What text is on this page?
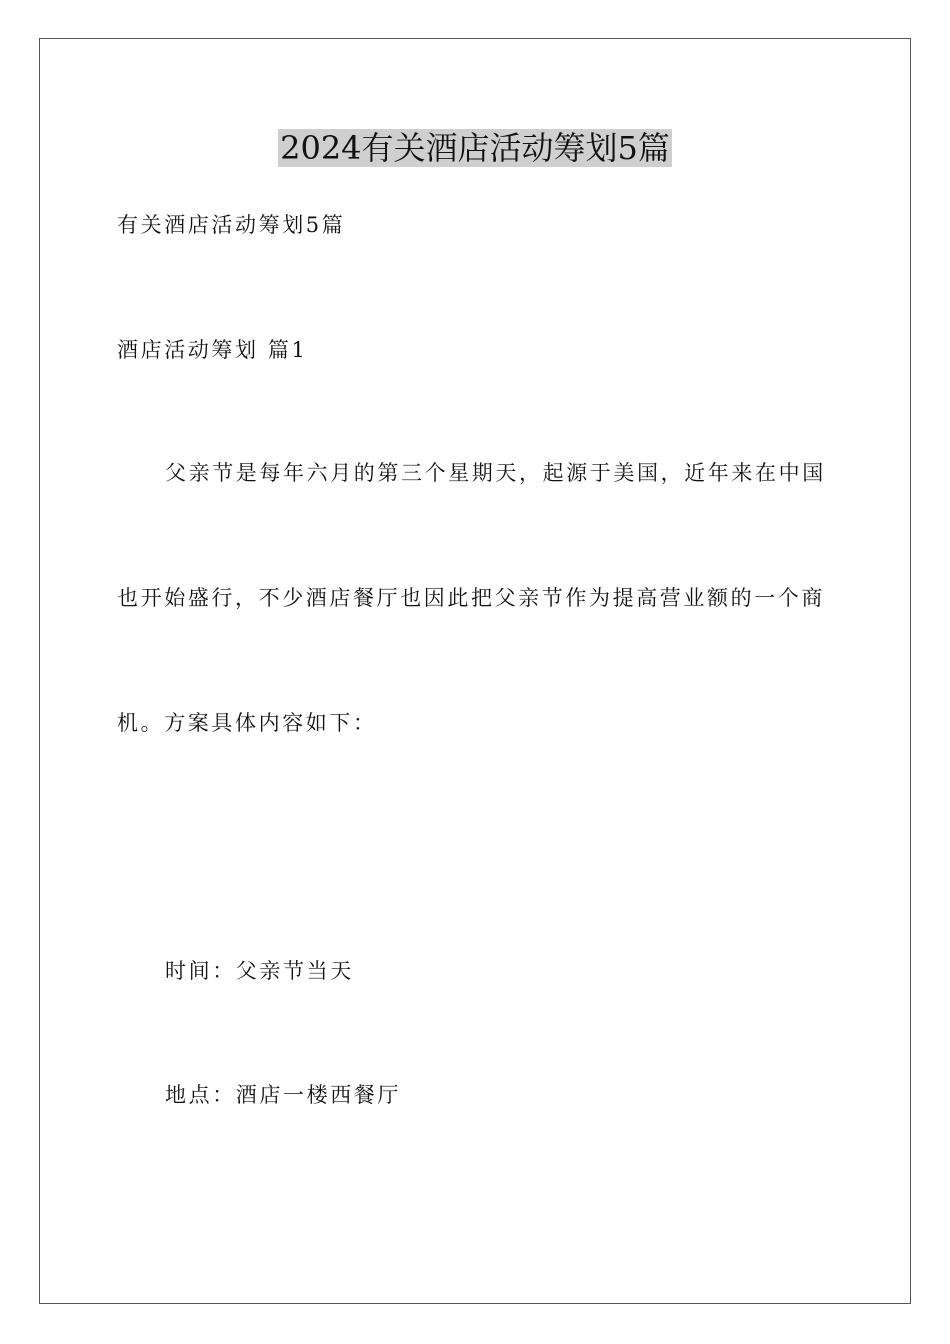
2024有关酒店活动筹划5篇
有关酒店活动筹划5篇
酒店活动筹划 篇1
父亲节是每年六月的第三个星期天，起源于美国，近年来在中国
也开始盛行，不少酒店餐厅也因此把父亲节作为提高营业额的一个商
机。方案具体内容如下：
时间：父亲节当天
地点：酒店一楼西餐厅
